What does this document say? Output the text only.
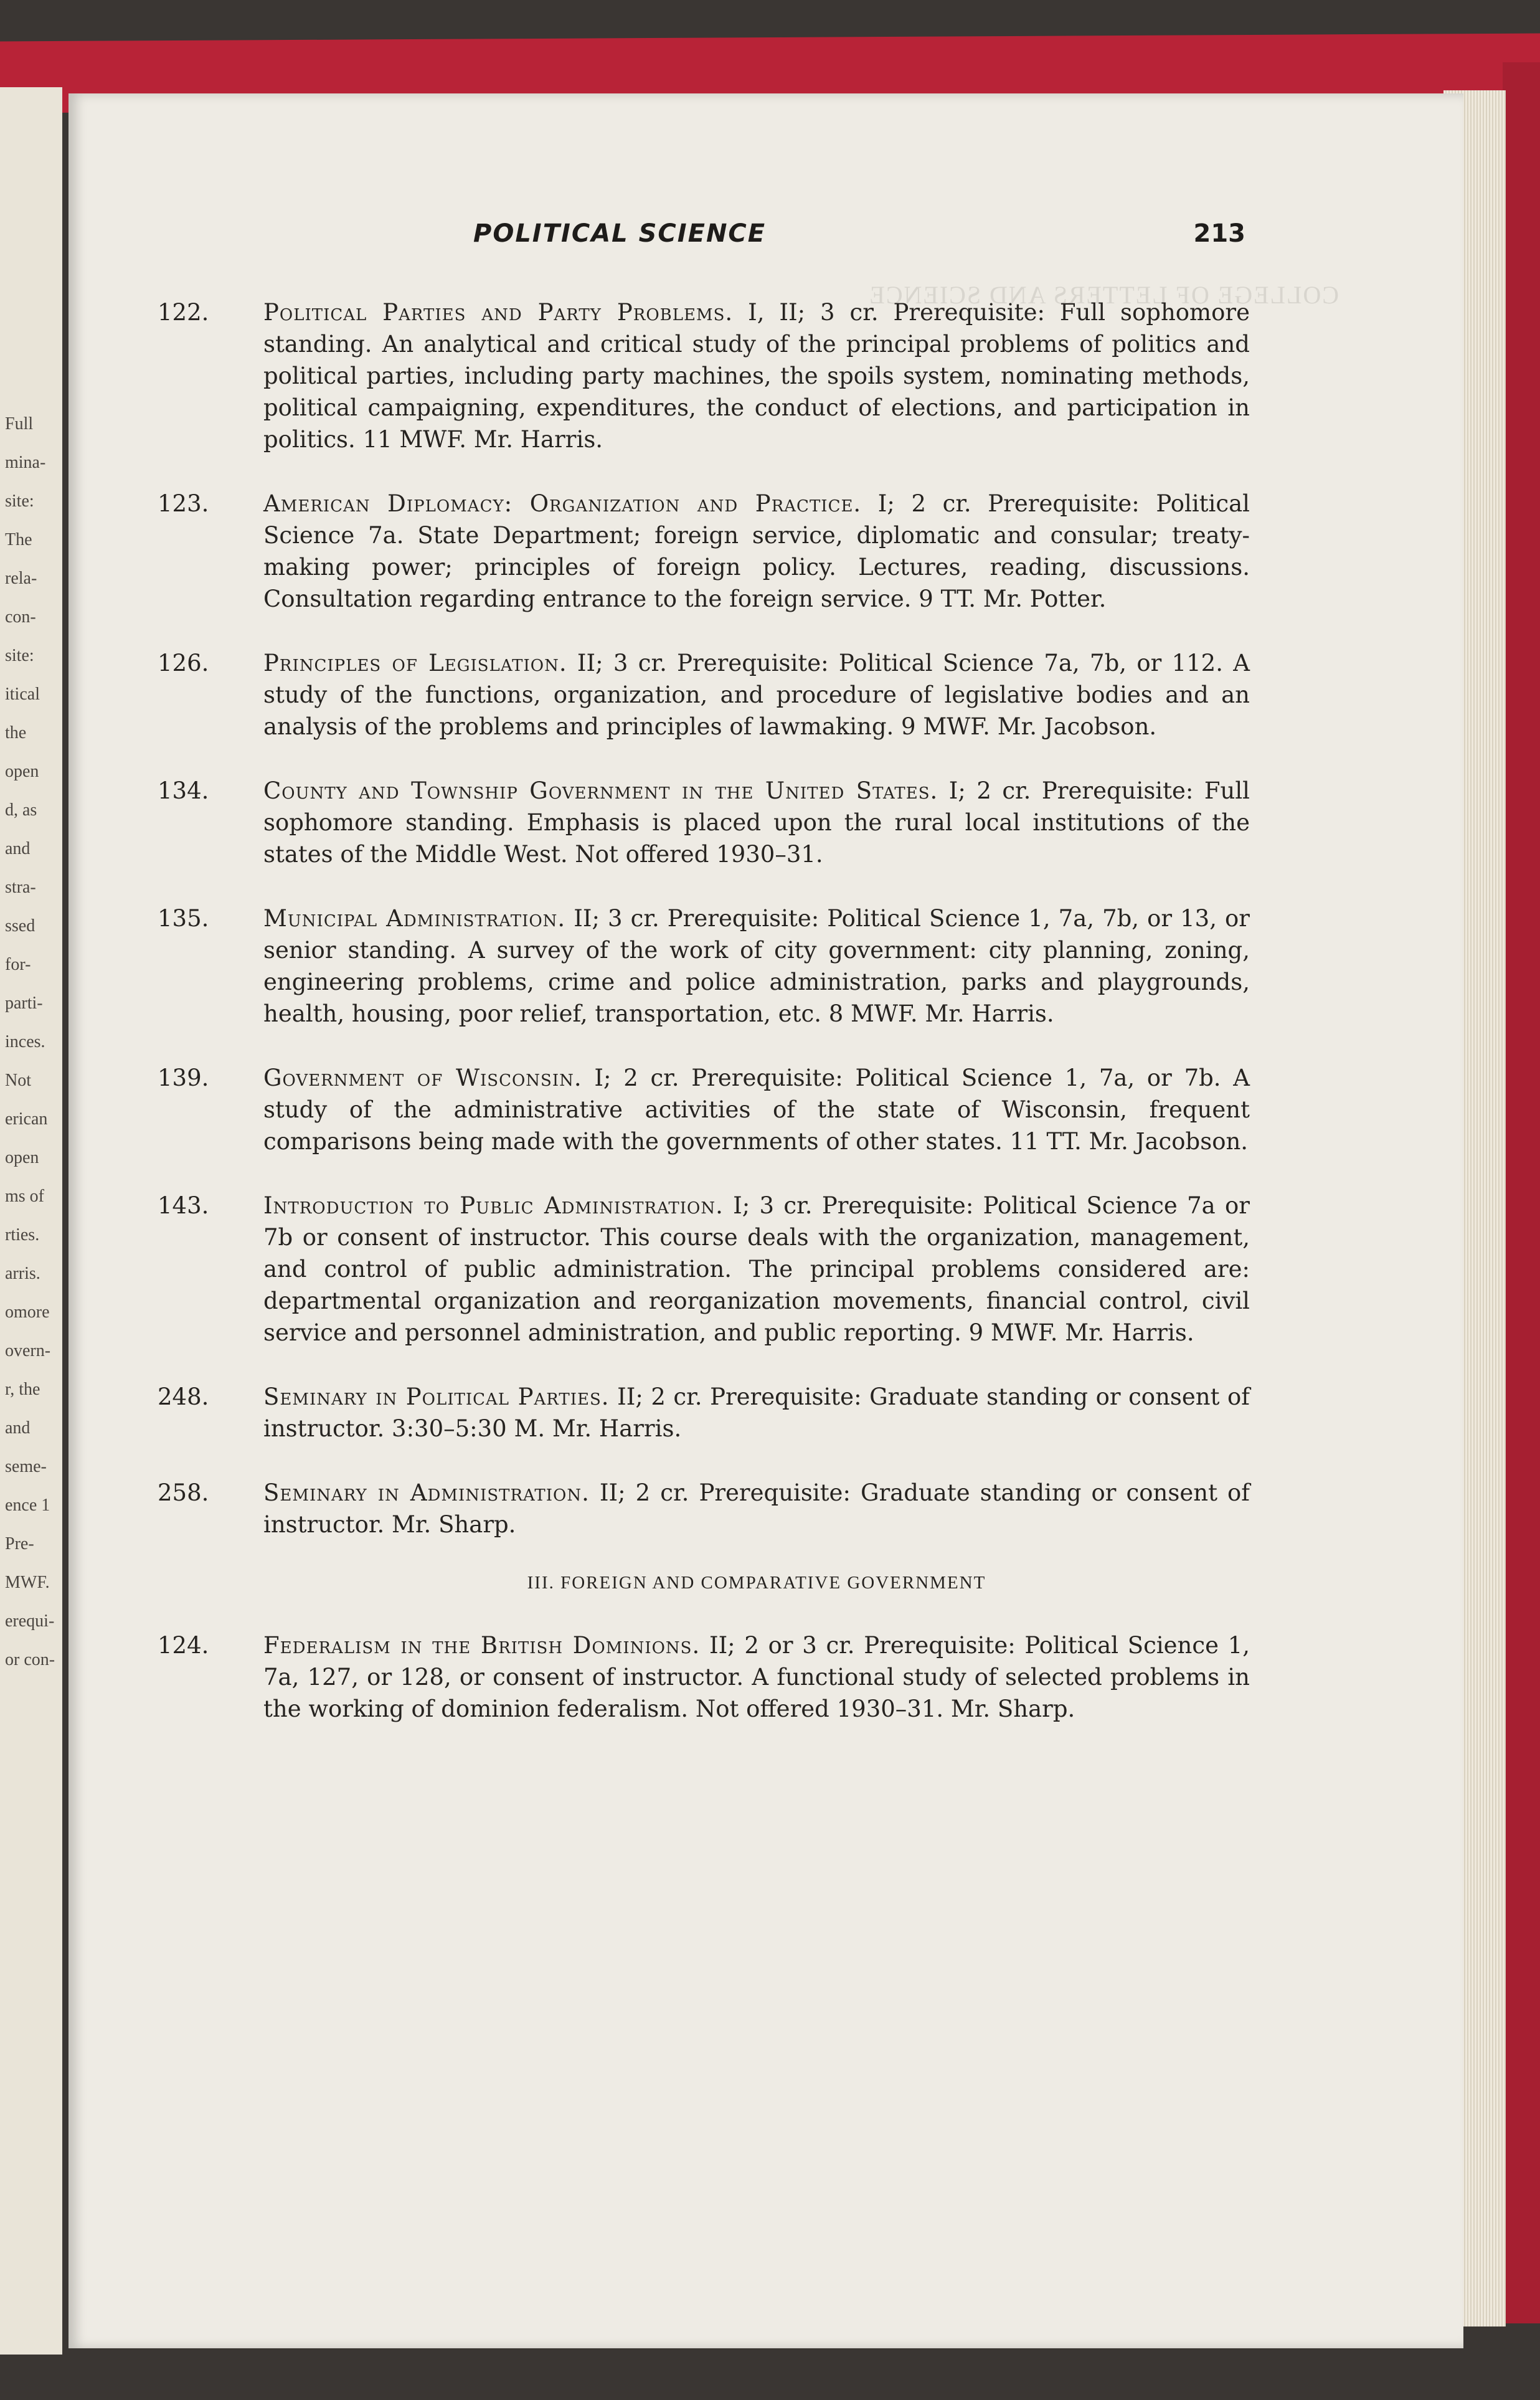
Full
mina-
site:
The
rela-
con-
site:
itical
the
open
d, as
and
stra-
ssed
for-
parti-
inces.
Not
erican
open
ms of
rties.
arris.
omore
overn-
r, the
and
seme-
ence 1
Pre-
MWF.
erequi-
or con-
COLLEGE OF LETTERS AND SCIENCE
POLITICAL SCIENCE	213
122.	Political Parties and Party Problems. I, II; 3 cr. Prerequisite: Full sophomore standing. An analytical and critical study of the principal problems of politics and political parties, including party machines, the spoils system, nominating methods, political campaigning, expenditures, the conduct of elections, and participation in politics. 11 MWF. Mr. Harris.
123.	American Diplomacy: Organization and Practice. I; 2 cr. Prerequisite: Political Science 7a. State Department; foreign service, diplomatic and consular; treaty-making power; principles of foreign policy. Lectures, reading, discussions. Consultation regarding entrance to the foreign service. 9 TT. Mr. Potter.
126.	Principles of Legislation. II; 3 cr. Prerequisite: Political Science 7a, 7b, or 112. A study of the functions, organization, and procedure of legislative bodies and an analysis of the problems and principles of lawmaking. 9 MWF. Mr. Jacobson.
134.	County and Township Government in the United States. I; 2 cr. Prerequisite: Full sophomore standing. Emphasis is placed upon the rural local institutions of the states of the Middle West. Not offered 1930–31.
135.	Municipal Administration. II; 3 cr. Prerequisite: Political Science 1, 7a, 7b, or 13, or senior standing. A survey of the work of city government: city planning, zoning, engineering problems, crime and police administration, parks and playgrounds, health, housing, poor relief, transportation, etc. 8 MWF. Mr. Harris.
139.	Government of Wisconsin. I; 2 cr. Prerequisite: Political Science 1, 7a, or 7b. A study of the administrative activities of the state of Wisconsin, frequent comparisons being made with the governments of other states. 11 TT. Mr. Jacobson.
143.	Introduction to Public Administration. I; 3 cr. Prerequisite: Political Science 7a or 7b or consent of instructor. This course deals with the organization, management, and control of public administration. The principal problems considered are: departmental organization and reorganization movements, financial control, civil service and personnel administration, and public reporting. 9 MWF. Mr. Harris.
248.	Seminary in Political Parties. II; 2 cr. Prerequisite: Graduate standing or consent of instructor. 3:30–5:30 M. Mr. Harris.
258.	Seminary in Administration. II; 2 cr. Prerequisite: Graduate standing or consent of instructor. Mr. Sharp.
III. FOREIGN AND COMPARATIVE GOVERNMENT
124.	Federalism in the British Dominions. II; 2 or 3 cr. Prerequisite: Political Science 1, 7a, 127, or 128, or consent of instructor. A functional study of selected problems in the working of dominion federalism. Not offered 1930–31. Mr. Sharp.
